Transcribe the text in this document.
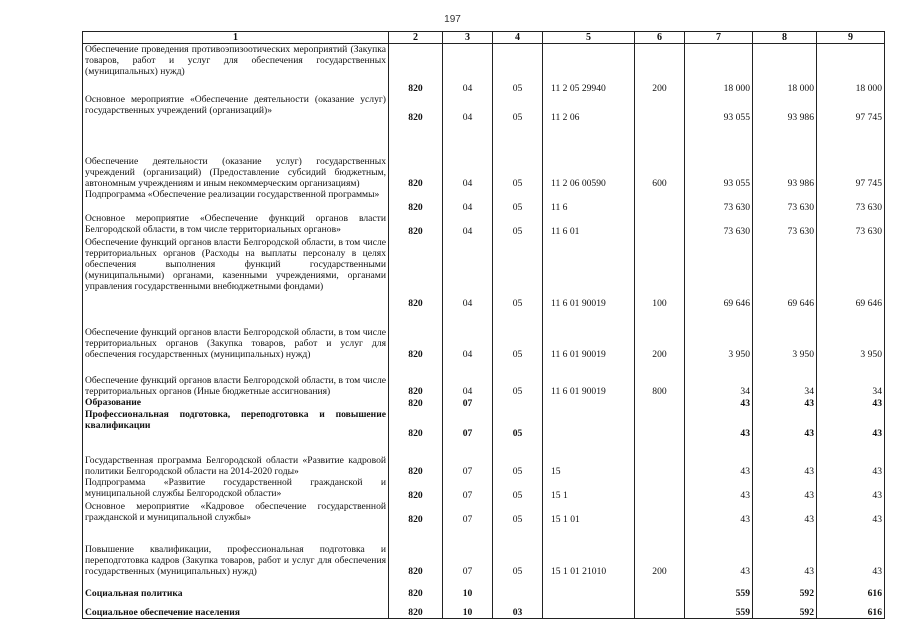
197
1	2	3	4	5	6	7	8	9
Обеспечение проведения противоэпизоотических мероприятий (Закупка товаров, работ и услуг для обеспечения государственных (муниципальных) нужд)	820	04	05	11 2 05 29940	200	18 000	18 000	18 000
Основное мероприятие «Обеспечение деятельности (оказание услуг) государственных учреждений (организаций)»	820	04	05	11 2 06		93 055	93 986	97 745
Обеспечение деятельности (оказание услуг) государственных учреждений (организаций) (Предоставление субсидий бюджетным, автономным учреждениям и иным некоммерческим организациям)	820	04	05	11 2 06 00590	600	93 055	93 986	97 745
Подпрограмма «Обеспечение реализации государственной программы»	820	04	05	11 6		73 630	73 630	73 630
Основное мероприятие «Обеспечение функций органов власти Белгородской области, в том числе территориальных органов»	820	04	05	11 6 01		73 630	73 630	73 630
Обеспечение функций органов власти Белгородской области, в том числе территориальных органов (Расходы на выплаты персоналу в целях обеспечения выполнения функций государственными (муниципальными) органами, казенными учреждениями, органами управления государственными внебюджетными фондами)	820	04	05	11 6 01 90019	100	69 646	69 646	69 646
Обеспечение функций органов власти Белгородской области, в том числе территориальных органов (Закупка товаров, работ и услуг для обеспечения государственных (муниципальных) нужд)	820	04	05	11 6 01 90019	200	3 950	3 950	3 950
Обеспечение функций органов власти Белгородской области, в том числе территориальных органов (Иные бюджетные ассигнования)	820	04	05	11 6 01 90019	800	34	34	34
Образование	820	07				43	43	43
Профессиональная подготовка, переподготовка и повышение квалификации	820	07	05			43	43	43
Государственная программа Белгородской области «Развитие кадровой политики Белгородской области на 2014-2020 годы»	820	07	05	15		43	43	43
Подпрограмма «Развитие государственной гражданской и муниципальной службы Белгородской области»	820	07	05	15 1		43	43	43
Основное мероприятие «Кадровое обеспечение государственной гражданской и муниципальной службы»	820	07	05	15 1 01		43	43	43
Повышение квалификации, профессиональная подготовка и переподготовка кадров (Закупка товаров, работ и услуг для обеспечения государственных (муниципальных) нужд)	820	07	05	15 1 01 21010	200	43	43	43
Социальная политика	820	10				559	592	616
Социальное обеспечение населения	820	10	03			559	592	616
